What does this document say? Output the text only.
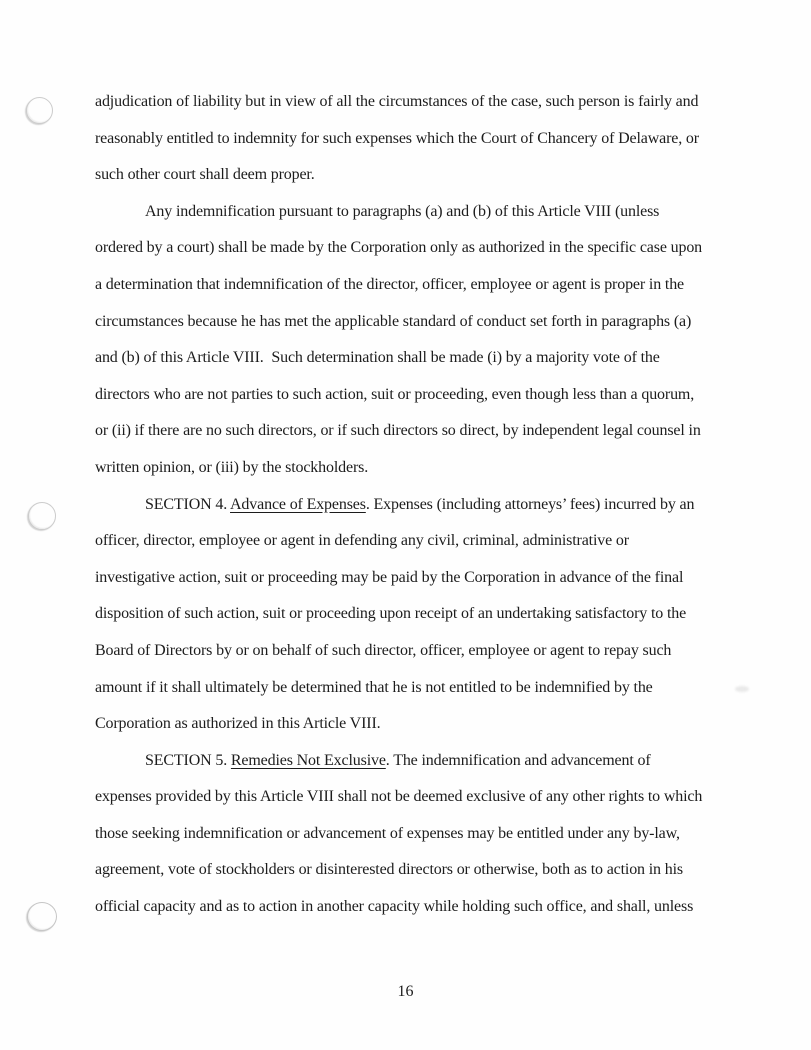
adjudication of liability but in view of all the circumstances of the case, such person is fairly and
reasonably entitled to indemnity for such expenses which the Court of Chancery of Delaware, or
such other court shall deem proper.
Any indemnification pursuant to paragraphs (a) and (b) of this Article VIII (unless
ordered by a court) shall be made by the Corporation only as authorized in the specific case upon
a determination that indemnification of the director, officer, employee or agent is proper in the
circumstances because he has met the applicable standard of conduct set forth in paragraphs (a)
and (b) of this Article VIII.  Such determination shall be made (i) by a majority vote of the
directors who are not parties to such action, suit or proceeding, even though less than a quorum,
or (ii) if there are no such directors, or if such directors so direct, by independent legal counsel in
written opinion, or (iii) by the stockholders.
SECTION 4. Advance of Expenses. Expenses (including attorneys’ fees) incurred by an
officer, director, employee or agent in defending any civil, criminal, administrative or
investigative action, suit or proceeding may be paid by the Corporation in advance of the final
disposition of such action, suit or proceeding upon receipt of an undertaking satisfactory to the
Board of Directors by or on behalf of such director, officer, employee or agent to repay such
amount if it shall ultimately be determined that he is not entitled to be indemnified by the
Corporation as authorized in this Article VIII.
SECTION 5. Remedies Not Exclusive. The indemnification and advancement of
expenses provided by this Article VIII shall not be deemed exclusive of any other rights to which
those seeking indemnification or advancement of expenses may be entitled under any by-law,
agreement, vote of stockholders or disinterested directors or otherwise, both as to action in his
official capacity and as to action in another capacity while holding such office, and shall, unless
16
